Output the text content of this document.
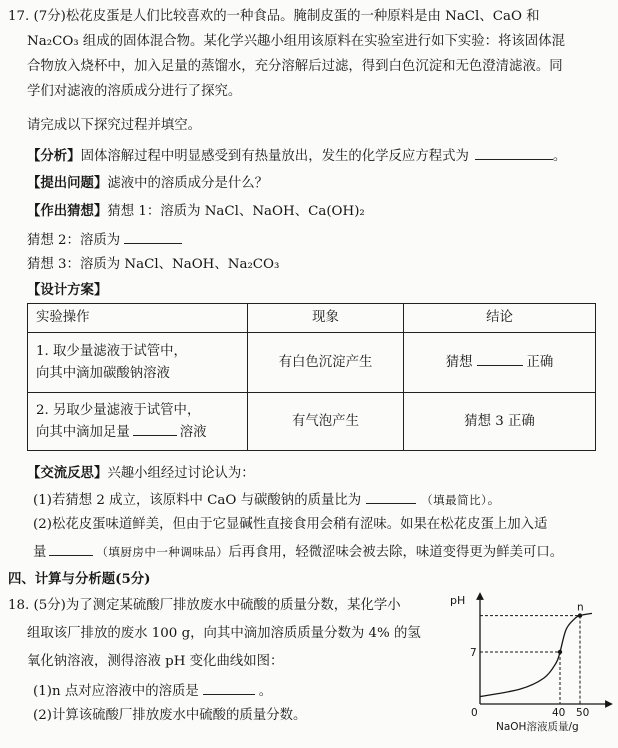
17. (7分)松花皮蛋是人们比较喜欢的一种食品。腌制皮蛋的一种原料是由 NaCl、CaO 和
Na₂CO₃ 组成的固体混合物。某化学兴趣小组用该原料在实验室进行如下实验：将该固体混
合物放入烧杯中，加入足量的蒸馏水，充分溶解后过滤，得到白色沉淀和无色澄清滤液。同
学们对滤液的溶质成分进行了探究。
请完成以下探究过程并填空。
【分析】固体溶解过程中明显感受到有热量放出，发生的化学反应方程式为	。
【提出问题】滤液中的溶质成分是什么？
【作出猜想】猜想 1：溶质为 NaCl、NaOH、Ca(OH)₂
猜想 2：溶质为
猜想 3：溶质为 NaCl、NaOH、Na₂CO₃
【设计方案】
实验操作	现象	结论

1. 取少量滤液于试管中，
向其中滴加碳酸钠溶液	有白色沉淀产生	猜想 正确

2. 另取少量滤液于试管中，
向其中滴加足量 溶液	有气泡产生	猜想 3 正确
【交流反思】兴趣小组经过讨论认为：
(1)若猜想 2 成立，该原料中 CaO 与碳酸钠的质量比为	（填最简比）。
(2)松花皮蛋味道鲜美，但由于它显碱性直接食用会稍有涩味。如果在松花皮蛋上加入适
量	（填厨房中一种调味品）后再食用，轻微涩味会被去除，味道变得更为鲜美可口。
四、计算与分析题(5分)
18. (5分)为了测定某硫酸厂排放废水中硫酸的质量分数，某化学小
组取该厂排放的废水 100 g，向其中滴加溶质质量分数为 4% 的氢
氧化钠溶液，测得溶液 pH 变化曲线如图：
(1)n 点对应溶液中的溶质是	。
(2)计算该硫酸厂排放废水中硫酸的质量分数。
pH
0
NaOH溶液质量/g
40 50
7
n
